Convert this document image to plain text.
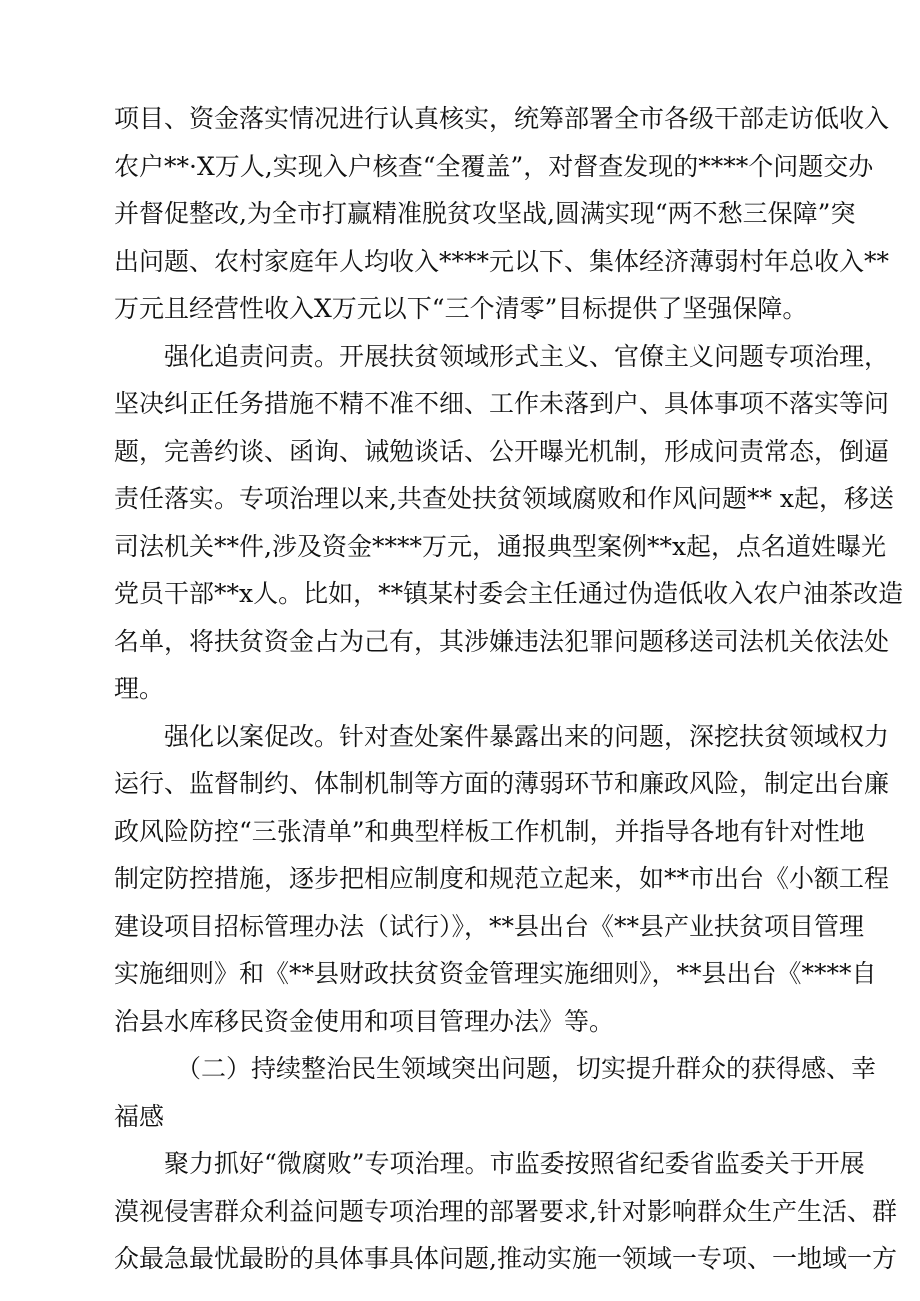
项目、资金落实情况进行认真核实，统筹部署全市各级干部走访低收入
农户**·X万人,实现入户核查“全覆盖”，对督查发现的****个问题交办
并督促整改,为全市打赢精准脱贫攻坚战,圆满实现“两不愁三保障”突
出问题、农村家庭年人均收入****元以下、集体经济薄弱村年总收入**
万元且经营性收入X万元以下“三个清零”目标提供了坚强保障。
强化追责问责。开展扶贫领域形式主义、官僚主义问题专项治理，
坚决纠正任务措施不精不准不细、工作未落到户、具体事项不落实等问
题，完善约谈、函询、诫勉谈话、公开曝光机制，形成问责常态，倒逼
责任落实。专项治理以来,共查处扶贫领域腐败和作风问题** x起，移送
司法机关**件,涉及资金****万元，通报典型案例**x起，点名道姓曝光
党员干部**x人。比如，**镇某村委会主任通过伪造低收入农户油茶改造
名单，将扶贫资金占为己有，其涉嫌违法犯罪问题移送司法机关依法处
理。
强化以案促改。针对查处案件暴露出来的问题，深挖扶贫领域权力
运行、监督制约、体制机制等方面的薄弱环节和廉政风险，制定出台廉
政风险防控“三张清单”和典型样板工作机制，并指导各地有针对性地
制定防控措施，逐步把相应制度和规范立起来，如**市出台《小额工程
建设项目招标管理办法（试行）》，**县出台《**县产业扶贫项目管理
实施细则》和《**县财政扶贫资金管理实施细则》，**县出台《****自
治县水库移民资金使用和项目管理办法》等。
（二）持续整治民生领域突出问题，切实提升群众的获得感、幸
福感
聚力抓好“微腐败”专项治理。市监委按照省纪委省监委关于开展
漠视侵害群众利益问题专项治理的部署要求,针对影响群众生产生活、群
众最急最忧最盼的具体事具体问题,推动实施一领域一专项、一地域一方
